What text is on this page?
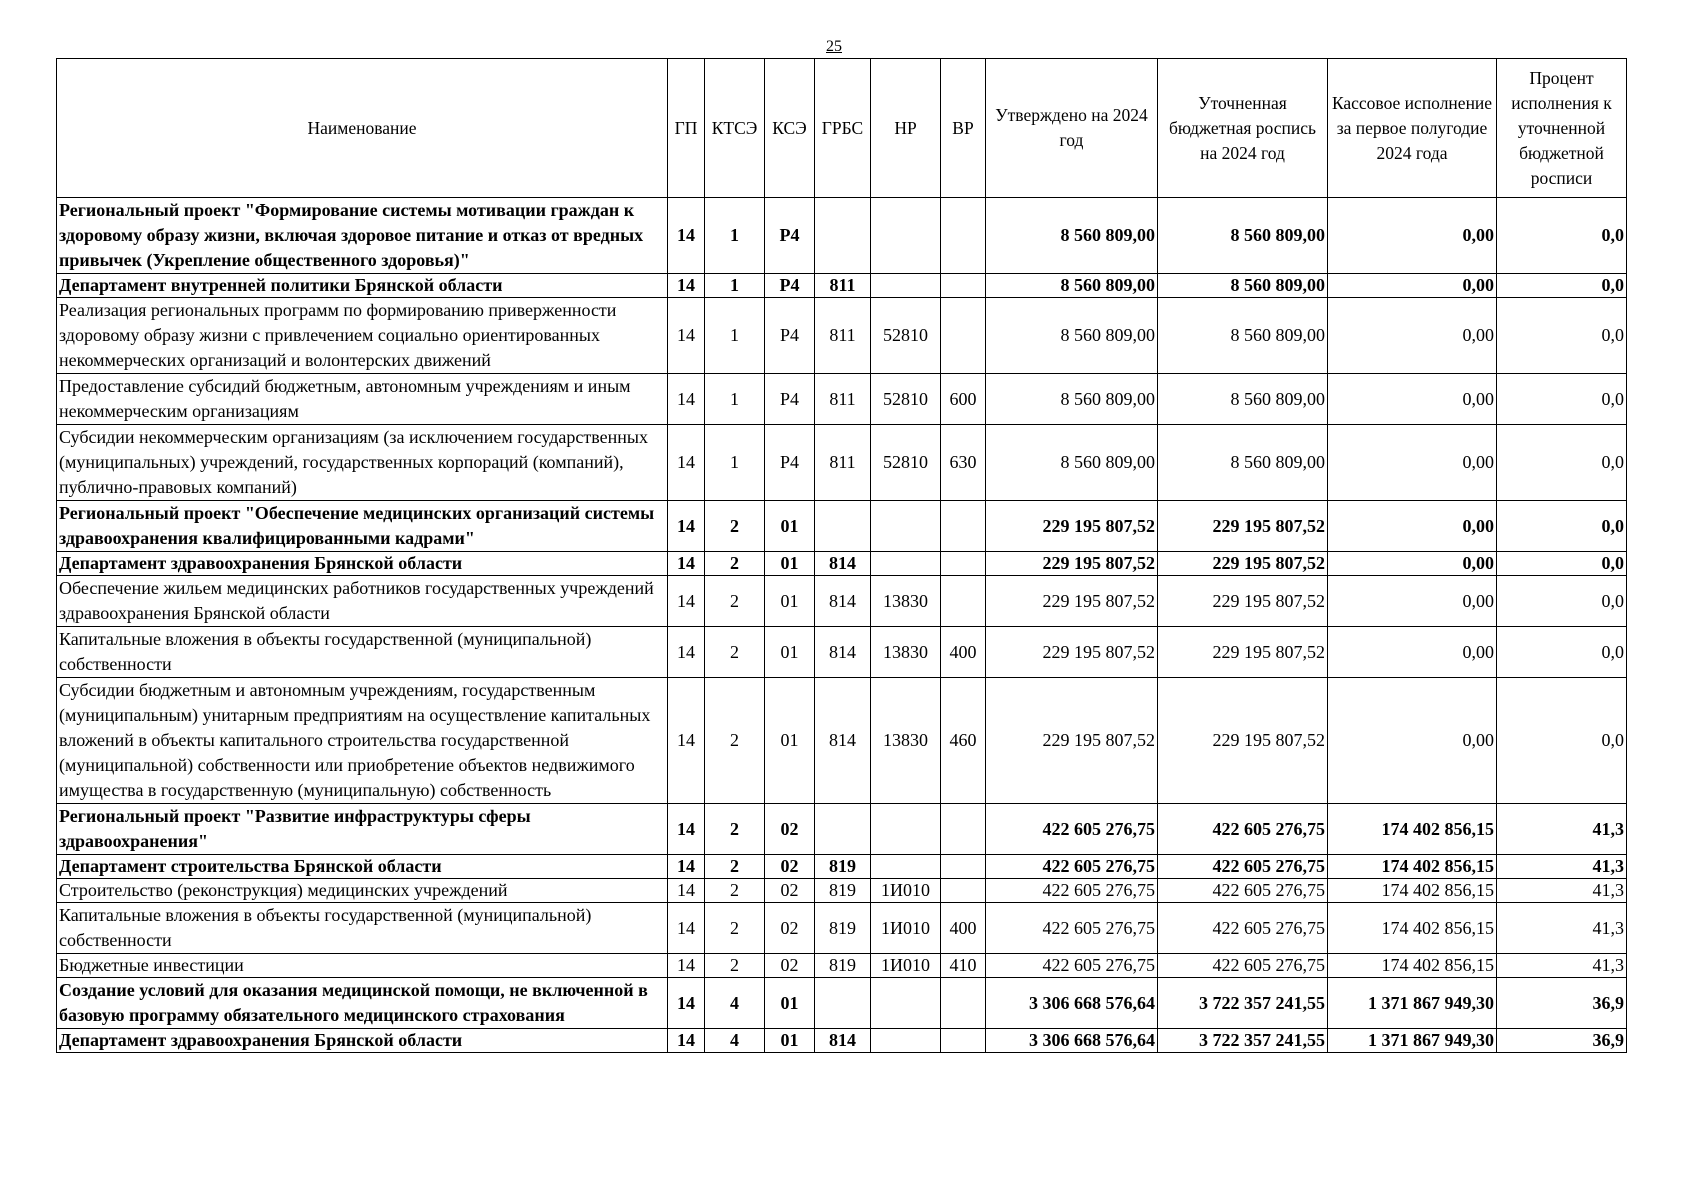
25
Наименование	ГП	КТСЭ	КСЭ	ГРБС	НР	ВР	Утверждено на 2024 год	Уточненная бюджетная роспись на 2024 год	Кассовое исполнение за первое полугодие 2024 года	Процент исполнения к уточненной бюджетной росписи
Региональный проект "Формирование системы мотивации граждан к здоровому образу жизни, включая здоровое питание и отказ от вредных привычек (Укрепление общественного здоровья)"	14	1	Р4				8 560 809,00	8 560 809,00	0,00	0,0
Департамент внутренней политики Брянской области	14	1	Р4	811			8 560 809,00	8 560 809,00	0,00	0,0
Реализация региональных программ по формированию приверженности здоровому образу жизни с привлечением социально ориентированных некоммерческих организаций и волонтерских движений	14	1	Р4	811	52810		8 560 809,00	8 560 809,00	0,00	0,0
Предоставление субсидий бюджетным, автономным учреждениям и иным некоммерческим организациям	14	1	Р4	811	52810	600	8 560 809,00	8 560 809,00	0,00	0,0
Субсидии некоммерческим организациям (за исключением государственных (муниципальных) учреждений, государственных корпораций (компаний), публично-правовых компаний)	14	1	Р4	811	52810	630	8 560 809,00	8 560 809,00	0,00	0,0
Региональный проект "Обеспечение медицинских организаций системы здравоохранения квалифицированными кадрами"	14	2	01				229 195 807,52	229 195 807,52	0,00	0,0
Департамент здравоохранения Брянской области	14	2	01	814			229 195 807,52	229 195 807,52	0,00	0,0
Обеспечение жильем медицинских работников государственных учреждений здравоохранения Брянской области	14	2	01	814	13830		229 195 807,52	229 195 807,52	0,00	0,0
Капитальные вложения в объекты государственной (муниципальной) собственности	14	2	01	814	13830	400	229 195 807,52	229 195 807,52	0,00	0,0
Субсидии бюджетным и автономным учреждениям, государственным (муниципальным) унитарным предприятиям на осуществление капитальных вложений в объекты капитального строительства государственной (муниципальной) собственности или приобретение объектов недвижимого имущества в государственную (муниципальную) собственность	14	2	01	814	13830	460	229 195 807,52	229 195 807,52	0,00	0,0
Региональный проект "Развитие инфраструктуры сферы здравоохранения"	14	2	02				422 605 276,75	422 605 276,75	174 402 856,15	41,3
Департамент строительства Брянской области	14	2	02	819			422 605 276,75	422 605 276,75	174 402 856,15	41,3
Строительство (реконструкция) медицинских учреждений	14	2	02	819	1И010		422 605 276,75	422 605 276,75	174 402 856,15	41,3
Капитальные вложения в объекты государственной (муниципальной) собственности	14	2	02	819	1И010	400	422 605 276,75	422 605 276,75	174 402 856,15	41,3
Бюджетные инвестиции	14	2	02	819	1И010	410	422 605 276,75	422 605 276,75	174 402 856,15	41,3
Создание условий для оказания медицинской помощи, не включенной в базовую программу обязательного медицинского страхования	14	4	01				3 306 668 576,64	3 722 357 241,55	1 371 867 949,30	36,9
Департамент здравоохранения Брянской области	14	4	01	814			3 306 668 576,64	3 722 357 241,55	1 371 867 949,30	36,9
